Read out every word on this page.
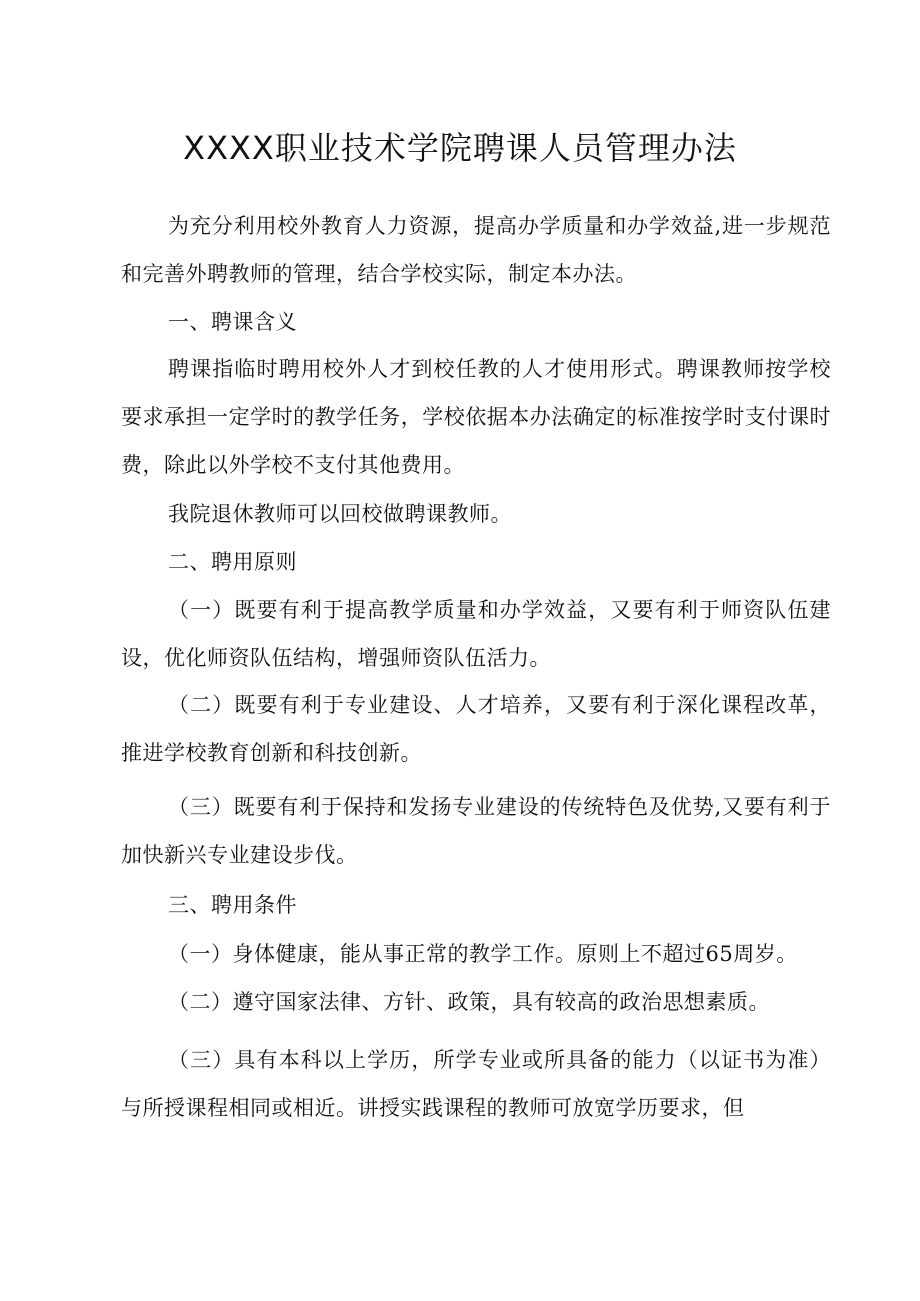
XXXX职业技术学院聘课人员管理办法

为充分利用校外教育人力资源，提高办学质量和办学效益,进一步规范和完善外聘教师的管理，结合学校实际，制定本办法。

一、聘课含义

聘课指临时聘用校外人才到校任教的人才使用形式。聘课教师按学校要求承担一定学时的教学任务，学校依据本办法确定的标准按学时支付课时费，除此以外学校不支付其他费用。

我院退休教师可以回校做聘课教师。

二、聘用原则

（一）既要有利于提高教学质量和办学效益，又要有利于师资队伍建设，优化师资队伍结构，增强师资队伍活力。

（二）既要有利于专业建设、人才培养，又要有利于深化课程改革，推进学校教育创新和科技创新。

（三）既要有利于保持和发扬专业建设的传统特色及优势,又要有利于加快新兴专业建设步伐。

三、聘用条件

（一）身体健康，能从事正常的教学工作。原则上不超过65周岁。

（二）遵守国家法律、方针、政策，具有较高的政治思想素质。

（三）具有本科以上学历，所学专业或所具备的能力（以证书为准）与所授课程相同或相近。讲授实践课程的教师可放宽学历要求，但
